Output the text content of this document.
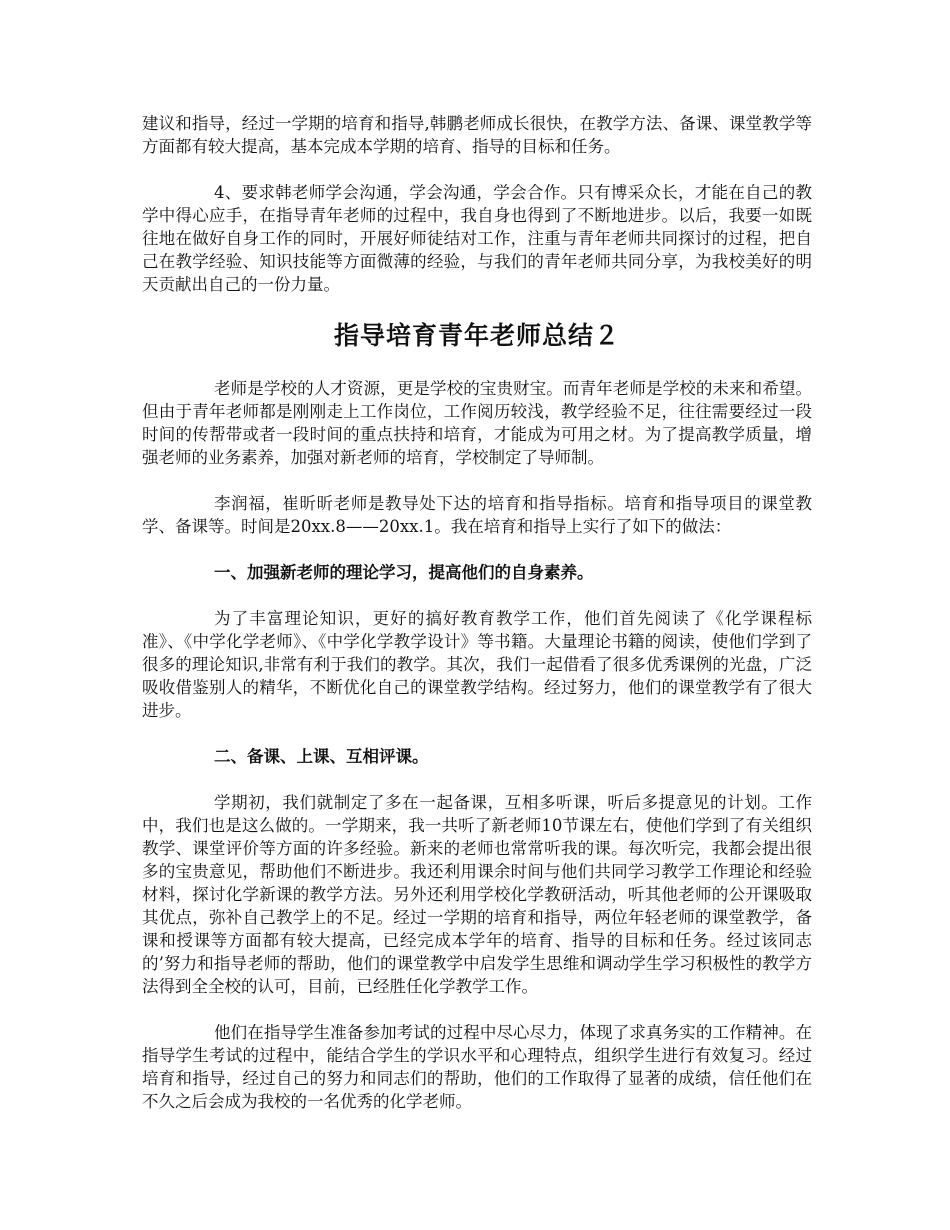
建议和指导，经过一学期的培育和指导,韩鹏老师成长很快，在教学方法、备课、课堂教学等方面都有较大提高，基本完成本学期的培育、指导的目标和任务。

4、要求韩老师学会沟通，学会沟通，学会合作。只有博采众长，才能在自己的教学中得心应手，在指导青年老师的过程中，我自身也得到了不断地进步。以后，我要一如既往地在做好自身工作的同时，开展好师徒结对工作，注重与青年老师共同探讨的过程，把自己在教学经验、知识技能等方面微薄的经验，与我们的青年老师共同分享，为我校美好的明天贡献出自己的一份力量。

指导培育青年老师总结２

老师是学校的人才资源，更是学校的宝贵财宝。而青年老师是学校的未来和希望。但由于青年老师都是刚刚走上工作岗位，工作阅历较浅，教学经验不足，往往需要经过一段时间的传帮带或者一段时间的重点扶持和培育，才能成为可用之材。为了提高教学质量，增强老师的业务素养，加强对新老师的培育，学校制定了导师制。

李润福，崔昕昕老师是教导处下达的培育和指导指标。培育和指导项目的课堂教学、备课等。时间是20xx.8——20xx.1。我在培育和指导上实行了如下的做法：

一、加强新老师的理论学习，提高他们的自身素养。

为了丰富理论知识，更好的搞好教育教学工作，他们首先阅读了《化学课程标准》、《中学化学老师》、《中学化学教学设计》等书籍。大量理论书籍的阅读，使他们学到了很多的理论知识,非常有利于我们的教学。其次，我们一起借看了很多优秀课例的光盘，广泛吸收借鉴别人的精华，不断优化自己的课堂教学结构。经过努力，他们的课堂教学有了很大进步。

二、备课、上课、互相评课。

学期初，我们就制定了多在一起备课，互相多听课，听后多提意见的计划。工作中，我们也是这么做的。一学期来，我一共听了新老师10节课左右，使他们学到了有关组织教学、课堂评价等方面的许多经验。新来的老师也常常听我的课。每次听完，我都会提出很多的宝贵意见，帮助他们不断进步。我还利用课余时间与他们共同学习教学工作理论和经验材料，探讨化学新课的教学方法。另外还利用学校化学教研活动，听其他老师的公开课吸取其优点，弥补自己教学上的不足。经过一学期的培育和指导，两位年轻老师的课堂教学，备课和授课等方面都有较大提高，已经完成本学年的培育、指导的目标和任务。经过该同志的’努力和指导老师的帮助，他们的课堂教学中启发学生思维和调动学生学习积极性的教学方法得到全全校的认可，目前，已经胜任化学教学工作。

他们在指导学生准备参加考试的过程中尽心尽力，体现了求真务实的工作精神。在指导学生考试的过程中，能结合学生的学识水平和心理特点，组织学生进行有效复习。经过培育和指导，经过自己的努力和同志们的帮助，他们的工作取得了显著的成绩，信任他们在不久之后会成为我校的一名优秀的化学老师。
